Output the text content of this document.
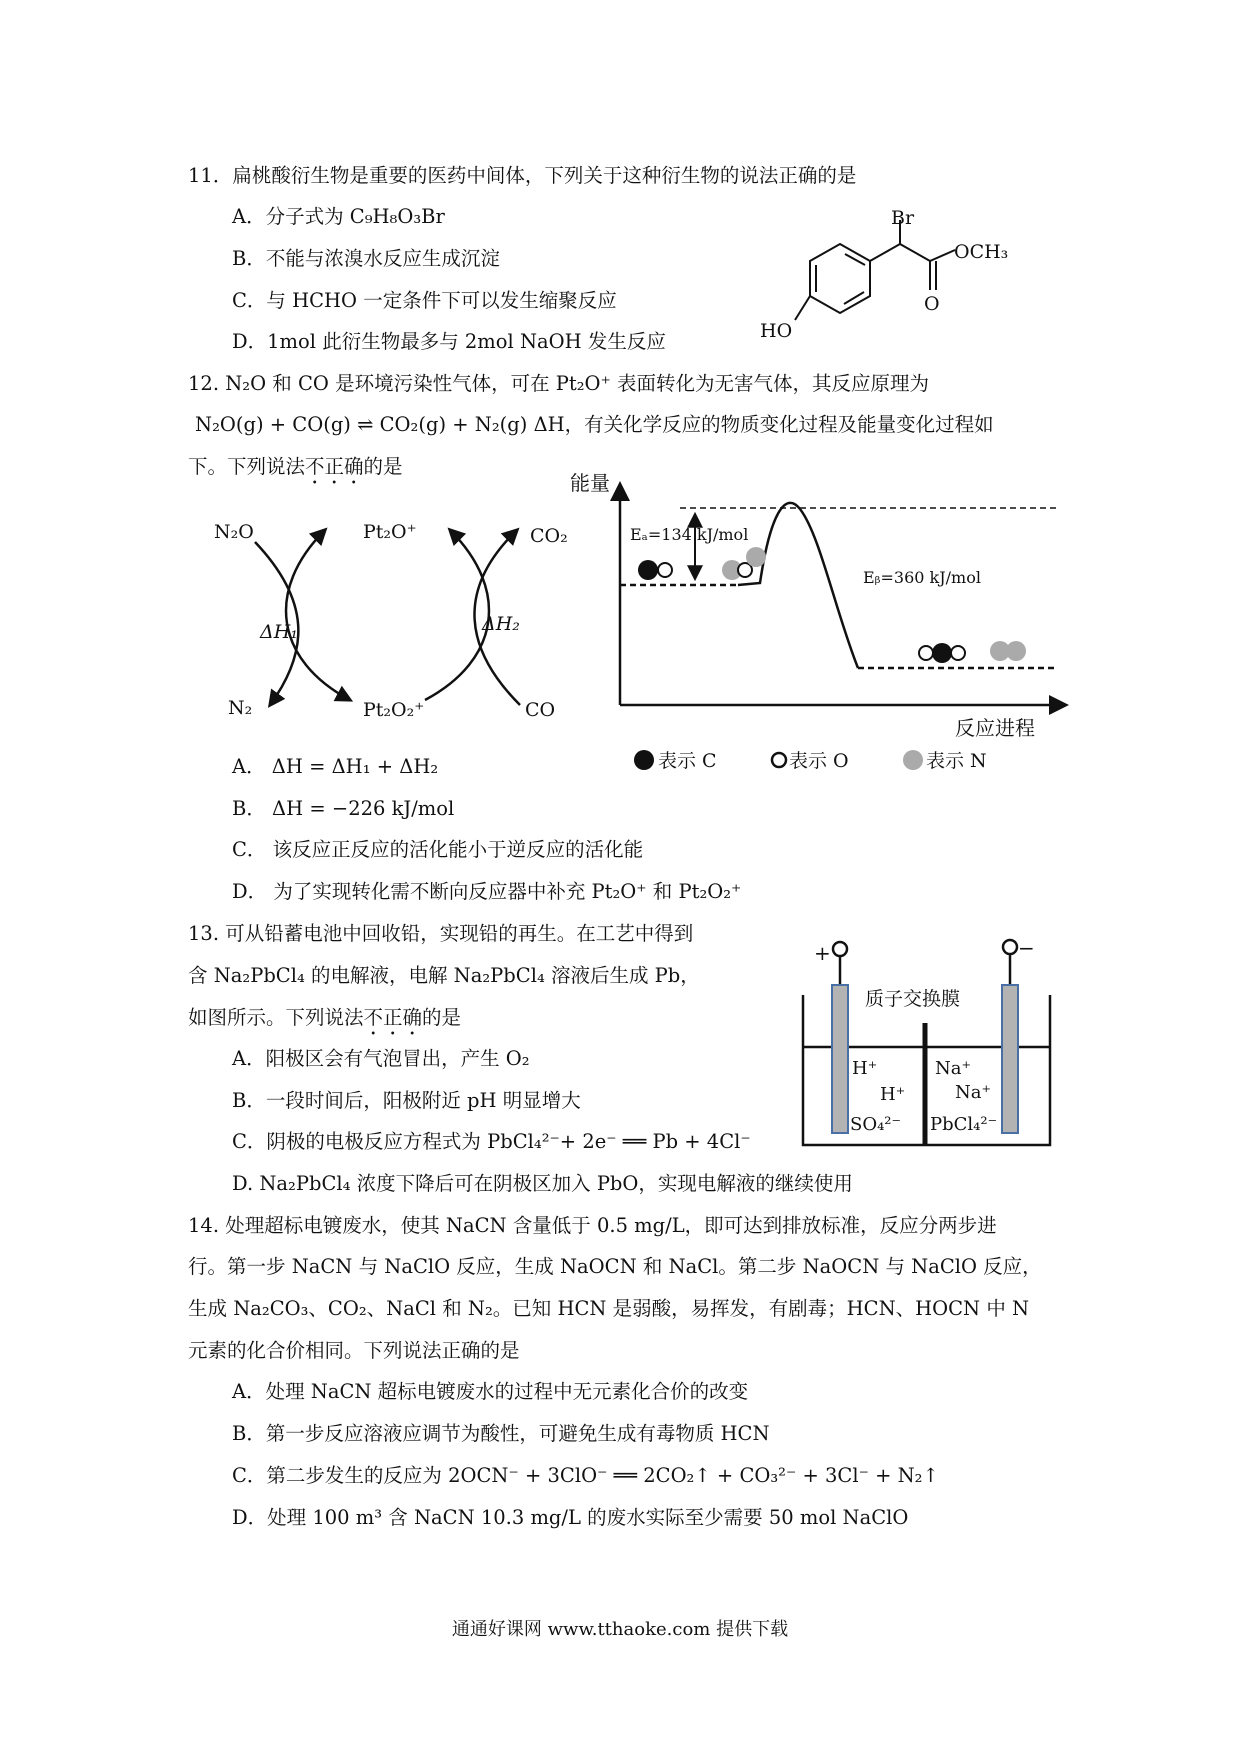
11．扁桃酸衍生物是重要的医药中间体，下列关于这种衍生物的说法正确的是
A．分子式为 C₉H₈O₃Br
B．不能与浓溴水反应生成沉淀
C．与 HCHO 一定条件下可以发生缩聚反应
D．1mol 此衍生物最多与 2mol NaOH 发生反应
Br
OCH₃
O
HO
12. N₂O 和 CO 是环境污染性气体，可在 Pt₂O⁺ 表面转化为无害气体，其反应原理为
N₂O(g) + CO(g) ⇌ CO₂(g) + N₂(g) ΔH，有关化学反应的物质变化过程及能量变化过程如
下。下列说法不正确的是
N₂O	Pt₂O⁺	CO₂
ΔH₁	ΔH₂
N₂	Pt₂O₂⁺	CO
Eₐ=134 kJ/mol
Eᵦ=360 kJ/mol
能量
反应进程
表示 C	表示 O	表示 N
A． ΔH = ΔH₁ + ΔH₂
B． ΔH = −226 kJ/mol
C． 该反应正反应的活化能小于逆反应的活化能
D． 为了实现转化需不断向反应器中补充 Pt₂O⁺ 和 Pt₂O₂⁺
13. 可从铅蓄电池中回收铅，实现铅的再生。在工艺中得到
含 Na₂PbCl₄ 的电解液，电解 Na₂PbCl₄ 溶液后生成 Pb，
如图所示。下列说法不正确的是
A．阳极区会有气泡冒出，产生 O₂
B．一段时间后，阳极附近 pH 明显增大
C．阴极的电极反应方程式为 PbCl₄²⁻+ 2e⁻ ══ Pb + 4Cl⁻
D. Na₂PbCl₄ 浓度下降后可在阴极区加入 PbO，实现电解液的继续使用
+	−
质子交换膜
H⁺
H⁺
SO₄²⁻
Na⁺
Na⁺
PbCl₄²⁻
14. 处理超标电镀废水，使其 NaCN 含量低于 0.5 mg/L，即可达到排放标准，反应分两步进
行。第一步 NaCN 与 NaClO 反应，生成 NaOCN 和 NaCl。第二步 NaOCN 与 NaClO 反应，
生成 Na₂CO₃、CO₂、NaCl 和 N₂。已知 HCN 是弱酸，易挥发，有剧毒；HCN、HOCN 中 N
元素的化合价相同。下列说法正确的是
A．处理 NaCN 超标电镀废水的过程中无元素化合价的改变
B．第一步反应溶液应调节为酸性，可避免生成有毒物质 HCN
C．第二步发生的反应为 2OCN⁻ + 3ClO⁻ ══ 2CO₂↑ + CO₃²⁻ + 3Cl⁻ + N₂↑
D．处理 100 m³ 含 NaCN 10.3 mg/L 的废水实际至少需要 50 mol NaClO
通通好课网 www.tthaoke.com 提供下载
